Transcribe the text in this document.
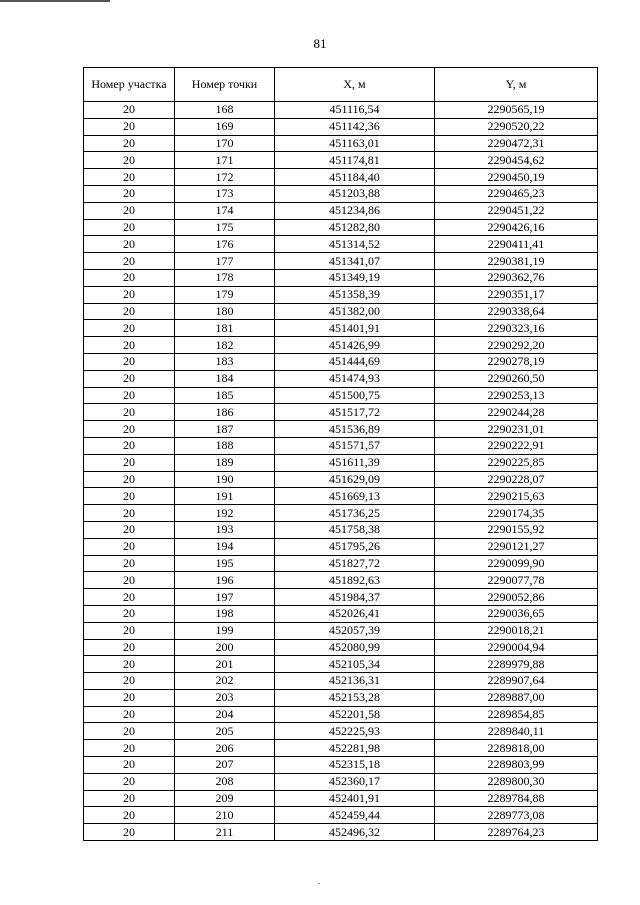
81
Номер участка	Номер точки	X, м	Y, м
20	168	451116,54	2290565,19
20	169	451142,36	2290520,22
20	170	451163,01	2290472,31
20	171	451174,81	2290454,62
20	172	451184,40	2290450,19
20	173	451203,88	2290465,23
20	174	451234,86	2290451,22
20	175	451282,80	2290426,16
20	176	451314,52	2290411,41
20	177	451341,07	2290381,19
20	178	451349,19	2290362,76
20	179	451358,39	2290351,17
20	180	451382,00	2290338,64
20	181	451401,91	2290323,16
20	182	451426,99	2290292,20
20	183	451444,69	2290278,19
20	184	451474,93	2290260,50
20	185	451500,75	2290253,13
20	186	451517,72	2290244,28
20	187	451536,89	2290231,01
20	188	451571,57	2290222,91
20	189	451611,39	2290225,85
20	190	451629,09	2290228,07
20	191	451669,13	2290215,63
20	192	451736,25	2290174,35
20	193	451758,38	2290155,92
20	194	451795,26	2290121,27
20	195	451827,72	2290099,90
20	196	451892,63	2290077,78
20	197	451984,37	2290052,86
20	198	452026,41	2290036,65
20	199	452057,39	2290018,21
20	200	452080,99	2290004,94
20	201	452105,34	2289979,88
20	202	452136,31	2289907,64
20	203	452153,28	2289887,00
20	204	452201,58	2289854,85
20	205	452225,93	2289840,11
20	206	452281,98	2289818,00
20	207	452315,18	2289803,99
20	208	452360,17	2289800,30
20	209	452401,91	2289784,88
20	210	452459,44	2289773,08
20	211	452496,32	2289764,23
